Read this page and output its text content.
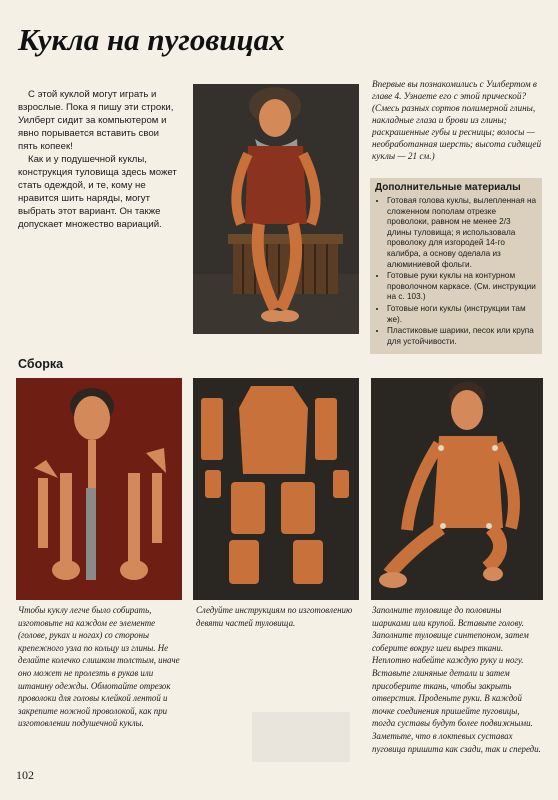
Кукла на пуговицах

С этой куклой могут играть и взрослые. Пока я пишу эти строки, Уилберт сидит за компьютером и явно порывается вставить свои пять копеек!

Как и у подушечной куклы, конструкция туловища здесь может стать одеждой, и те, кому не нравится шить наряды, могут выбрать этот вариант. Он также допускает множество вариаций.

Впервые вы познакомились с Уилбертом в главе 4. Узнаете его с этой прической? (Смесь разных сортов полимерной глины, накладные глаза и брови из глины; раскрашенные губы и ресницы; волосы — необработанная шерсть; высота сидящей куклы — 21 см.)
Дополнительные материалы
• Готовая голова куклы, вылепленная на сложенном пополам отрезке проволоки, равном не менее 2/3 длины туловища; я использовала проволоку для изгородей 14-го калибра, а основу оделала из алюминиевой фольги.
• Готовые руки куклы на контурном проволочном каркасе. (См. инструкции на с. 103.)
• Готовые ноги куклы (инструкции там же).
• Пластиковые шарики, песок или крупа для устойчивости.
Сборка
Чтобы куклу легче было собирать, изготовьте на каждом ее элементе (голове, руках и ногах) со стороны крепежного узла по кольцу из глины. Не делайте колечко слишком толстым, иначе оно может не пролезть в рукав или штанину одежды. Обмотайте отрезок проволоки для головы клейкой лентой и закрепите ножной проволокой, как при изготовлении подушечной куклы.
Следуйте инструкциям по изготовлению девяти частей туловища.
Заполните туловище до половины шариками или крупой. Вставьте голову. Заполните туловище синтепоном, затем соберите вокруг шеи вырез ткани. Неплотно набейте каждую руку и ногу. Вставьте глиняные детали и затем присоберите ткань, чтобы закрыть отверстия. Проденьте руки. В каждой точке соединения пришейте пуговицы, тогда суставы будут более подвижными. Заметьте, что в локтевых суставах пуговица пришита как сзади, так и спереди.
102
